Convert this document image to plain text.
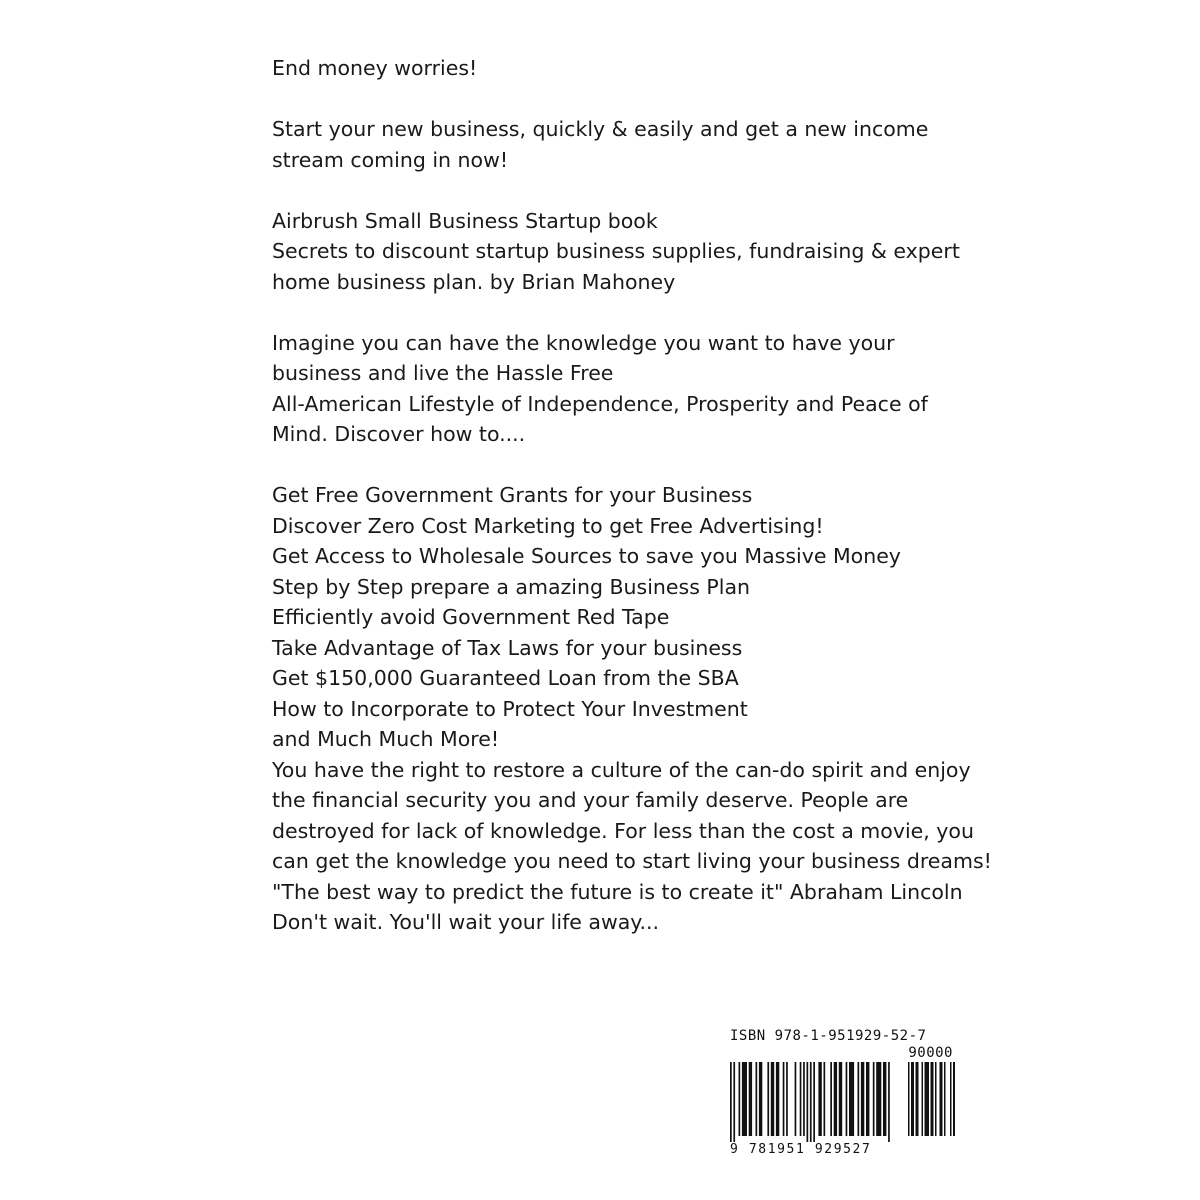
End money worries!
Start your new business, quickly & easily and get a new income
stream coming in now!
Airbrush Small Business Startup book
Secrets to discount startup business supplies, fundraising & expert
home business plan. by Brian Mahoney
Imagine you can have the knowledge you want to have your
business and live the Hassle Free
All-American Lifestyle of Independence, Prosperity and Peace of
Mind. Discover how to....
Get Free Government Grants for your Business
Discover Zero Cost Marketing to get Free Advertising!
Get Access to Wholesale Sources to save you Massive Money
Step by Step prepare a amazing Business Plan
Efficiently avoid Government Red Tape
Take Advantage of Tax Laws for your business
Get $150,000 Guaranteed Loan from the SBA
How to Incorporate to Protect Your Investment
and Much Much More!
You have the right to restore a culture of the can-do spirit and enjoy
the financial security you and your family deserve. People are
destroyed for lack of knowledge. For less than the cost a movie, you
can get the knowledge you need to start living your business dreams!
"The best way to predict the future is to create it" Abraham Lincoln
Don't wait. You'll wait your life away...
ISBN 978-1-951929-52-7
90000
9 781951 929527
